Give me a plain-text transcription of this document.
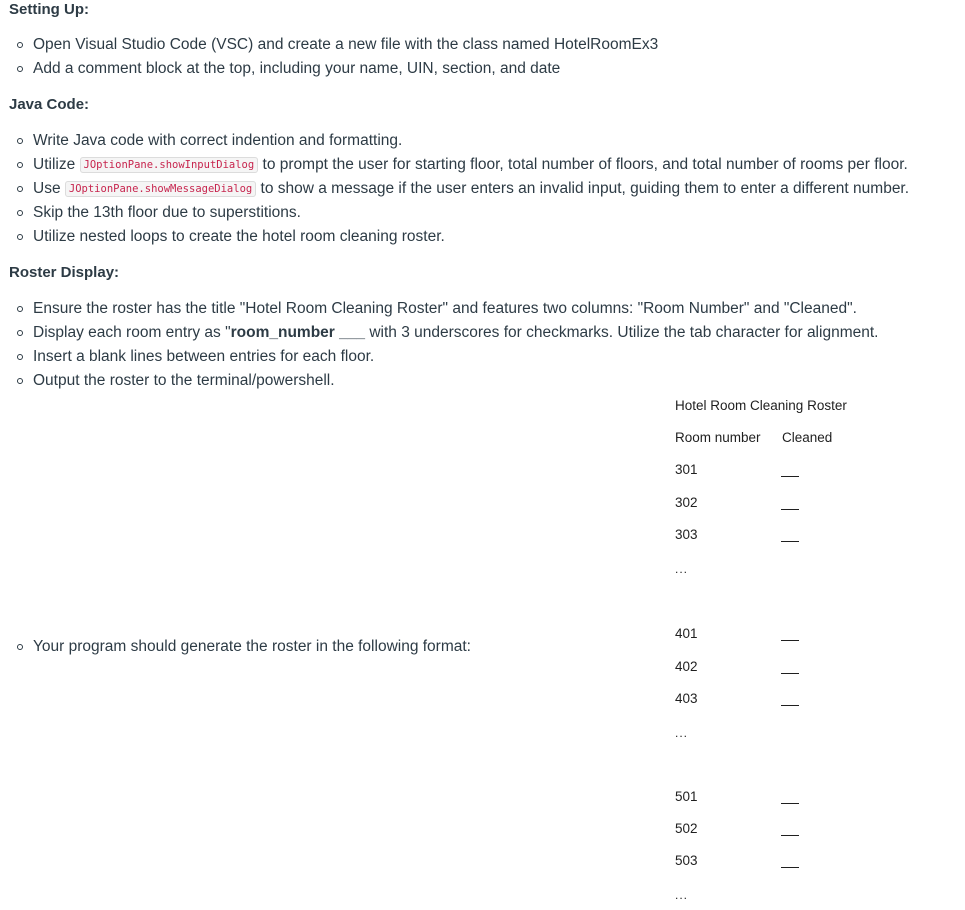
Setting Up:
Open Visual Studio Code (VSC) and create a new file with the class named HotelRoomEx3
Add a comment block at the top, including your name, UIN, section, and date
Java Code:
Write Java code with correct indention and formatting.
Utilize JOptionPane.showInputDialog to prompt the user for starting floor, total number of floors, and total number of rooms per floor.
Use JOptionPane.showMessageDialog to show a message if the user enters an invalid input, guiding them to enter a different number.
Skip the 13th floor due to superstitions.
Utilize nested loops to create the hotel room cleaning roster.
Roster Display:
Ensure the roster has the title "Hotel Room Cleaning Roster" and features two columns: "Room Number" and "Cleaned".
Display each room entry as "room_number ___ with 3 underscores for checkmarks. Utilize the tab character for alignment.
Insert a blank lines between entries for each floor.
Output the roster to the terminal/powershell.
Your program should generate the roster in the following format:
Hotel Room Cleaning Roster
Room number Cleaned
301
302
303
...
401
402
403
...
501
502
503
...
